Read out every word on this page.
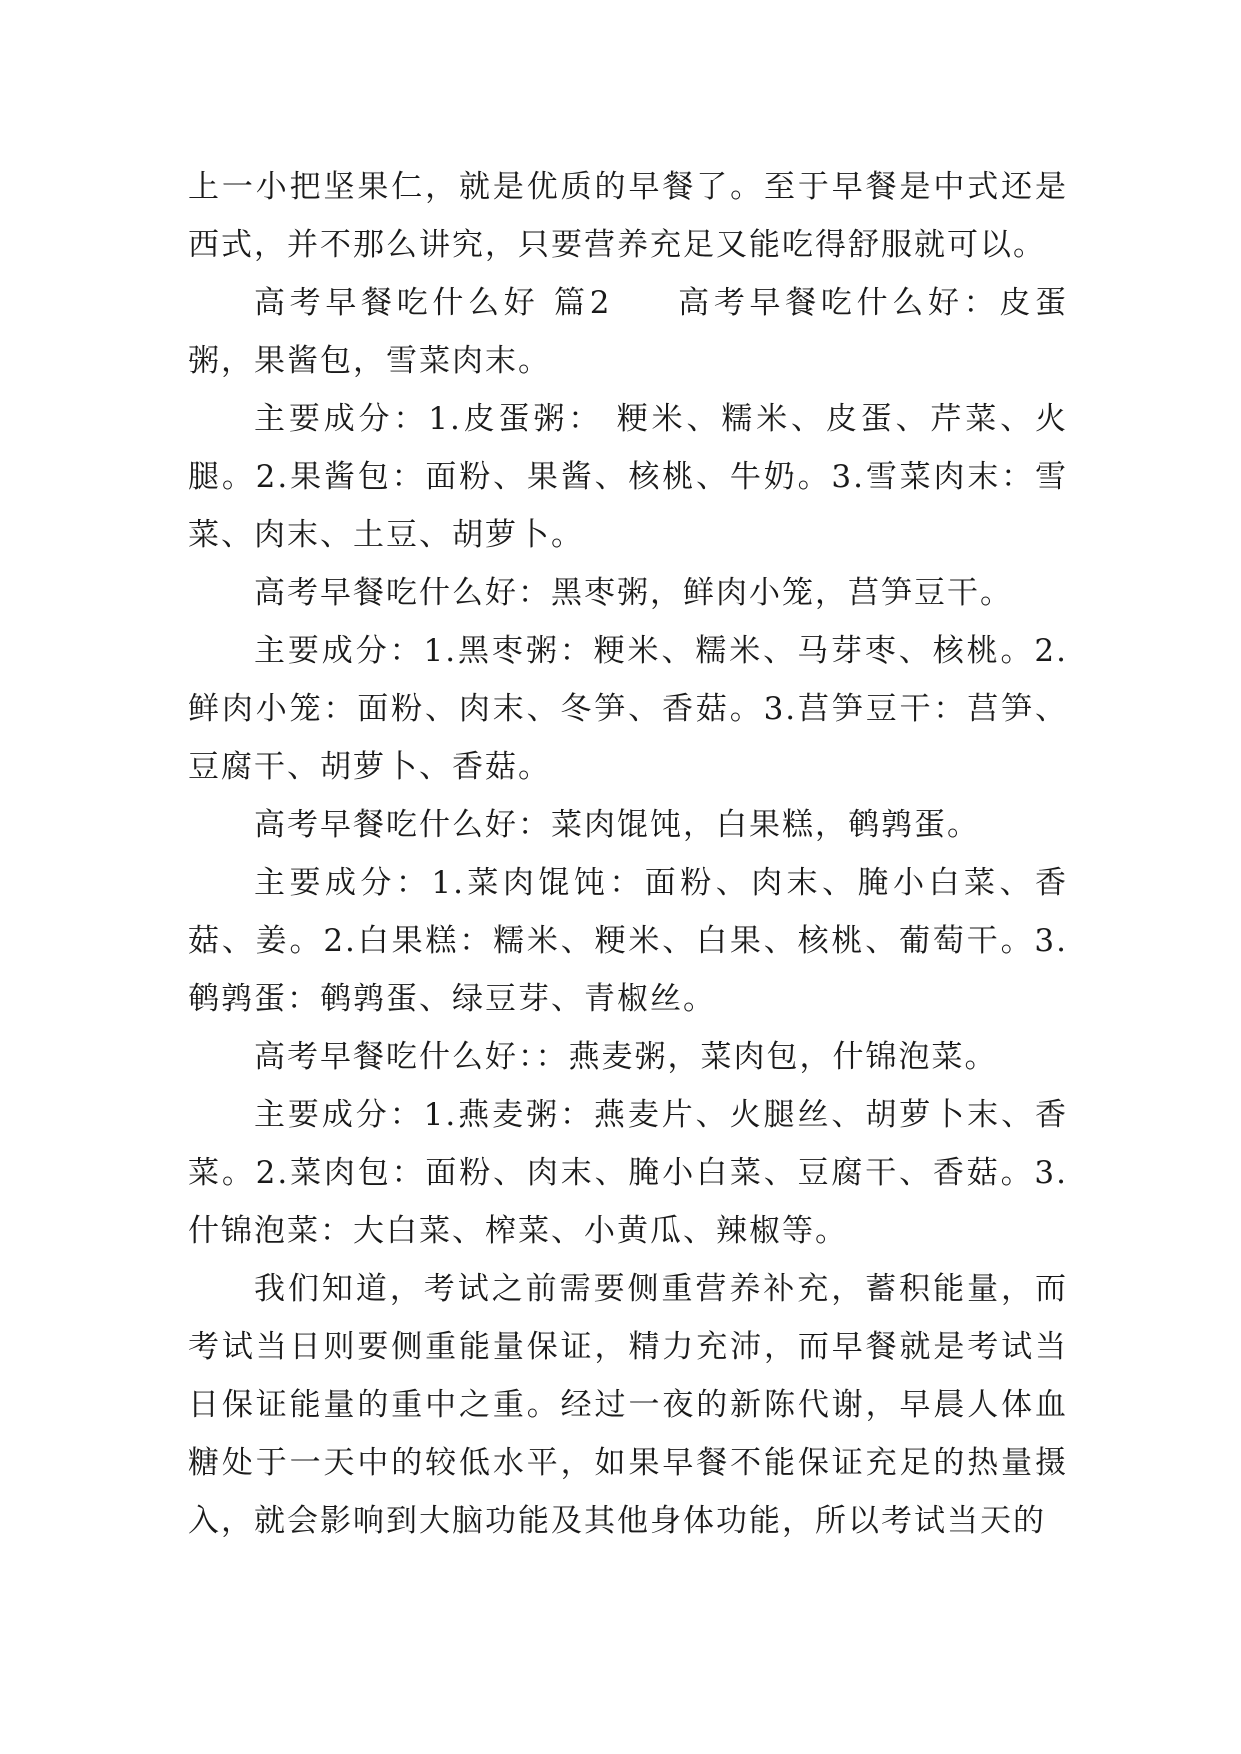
上一小把坚果仁，就是优质的早餐了。至于早餐是中式还是西式，并不那么讲究，只要营养充足又能吃得舒服就可以。

高考早餐吃什么好 篇2 高考早餐吃什么好：皮蛋粥，果酱包，雪菜肉末。

主要成分：1.皮蛋粥： 粳米、糯米、皮蛋、芹菜、火腿。2.果酱包：面粉、果酱、核桃、牛奶。3.雪菜肉末：雪菜、肉末、土豆、胡萝卜。

高考早餐吃什么好：黑枣粥，鲜肉小笼，莒笋豆干。

主要成分：1.黑枣粥：粳米、糯米、马芽枣、核桃。2.鲜肉小笼：面粉、肉末、冬笋、香菇。3.莒笋豆干：莒笋、豆腐干、胡萝卜、香菇。

高考早餐吃什么好：菜肉馄饨，白果糕，鹌鹑蛋。

主要成分：1.菜肉馄饨：面粉、肉末、腌小白菜、香菇、姜。2.白果糕：糯米、粳米、白果、核桃、葡萄干。3.鹌鹑蛋：鹌鹑蛋、绿豆芽、青椒丝。

高考早餐吃什么好：：燕麦粥，菜肉包，什锦泡菜。

主要成分：1.燕麦粥：燕麦片、火腿丝、胡萝卜末、香菜。2.菜肉包：面粉、肉末、腌小白菜、豆腐干、香菇。3.什锦泡菜：大白菜、榨菜、小黄瓜、辣椒等。

我们知道，考试之前需要侧重营养补充，蓄积能量，而考试当日则要侧重能量保证，精力充沛，而早餐就是考试当日保证能量的重中之重。经过一夜的新陈代谢，早晨人体血糖处于一天中的较低水平，如果早餐不能保证充足的热量摄入，就会影响到大脑功能及其他身体功能，所以考试当天的
